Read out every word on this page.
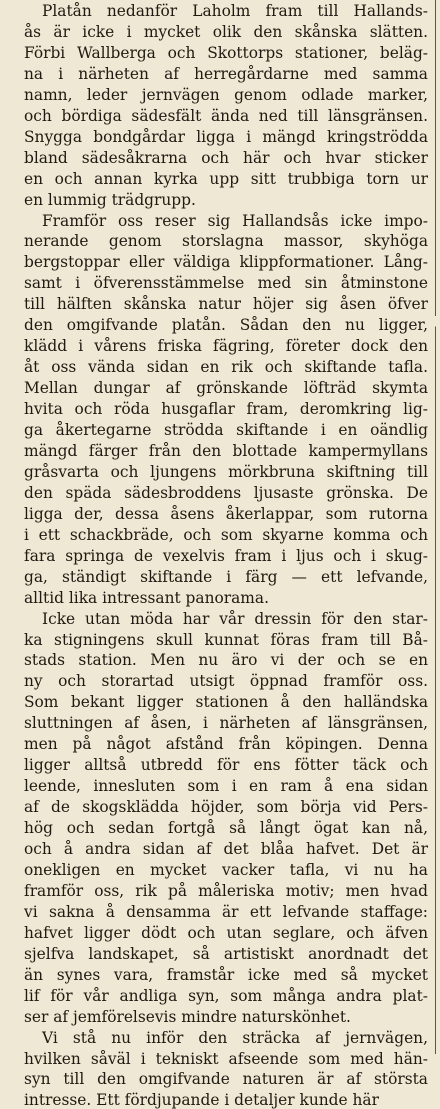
Platån nedanför Laholm fram till Hallands-
ås är icke i mycket olik den skånska slätten.
Förbi Wallberga och Skottorps stationer, beläg-
na i närheten af herregårdarne med samma
namn, leder jernvägen genom odlade marker,
och bördiga sädesfält ända ned till länsgränsen.
Snygga bondgårdar ligga i mängd kringströdda
bland sädesåkrarna och här och hvar sticker
en och annan kyrka upp sitt trubbiga torn ur
en lummig trädgrupp.
Framför oss reser sig Hallandsås icke impo-
nerande genom storslagna massor, skyhöga
bergstoppar eller väldiga klippformationer. Lång-
samt i öfverensstämmelse med sin åtminstone
till hälften skånska natur höjer sig åsen öfver
den omgifvande platån. Sådan den nu ligger,
klädd i vårens friska fägring, företer dock den
åt oss vända sidan en rik och skiftande tafla.
Mellan dungar af grönskande löfträd skymta
hvita och röda husgaflar fram, deromkring lig-
ga åkertegarne strödda skiftande i en oändlig
mängd färger från den blottade kampermyllans
gråsvarta och ljungens mörkbruna skiftning till
den späda sädesbroddens ljusaste grönska. De
ligga der, dessa åsens åkerlappar, som rutorna
i ett schackbräde, och som skyarne komma och
fara springa de vexelvis fram i ljus och i skug-
ga, ständigt skiftande i färg — ett lefvande,
alltid lika intressant panorama.
Icke utan möda har vår dressin för den star-
ka stigningens skull kunnat föras fram till Bå-
stads station. Men nu äro vi der och se en
ny och storartad utsigt öppnad framför oss.
Som bekant ligger stationen å den halländska
sluttningen af åsen, i närheten af länsgränsen,
men på något afstånd från köpingen. Denna
ligger alltså utbredd för ens fötter täck och
leende, innesluten som i en ram å ena sidan
af de skogsklädda höjder, som börja vid Pers-
hög och sedan fortgå så långt ögat kan nå,
och å andra sidan af det blåa hafvet. Det är
onekligen en mycket vacker tafla, vi nu ha
framför oss, rik på måleriska motiv; men hvad
vi sakna å densamma är ett lefvande staffage:
hafvet ligger dödt och utan seglare, och äfven
sjelfva landskapet, så artistiskt anordnadt det
än synes vara, framstår icke med så mycket
lif för vår andliga syn, som många andra plat-
ser af jemförelsevis mindre naturskönhet.
Vi stå nu inför den sträcka af jernvägen,
hvilken såväl i tekniskt afseende som med hän-
syn till den omgifvande naturen är af största
intresse. Ett fördjupande i detaljer kunde här
